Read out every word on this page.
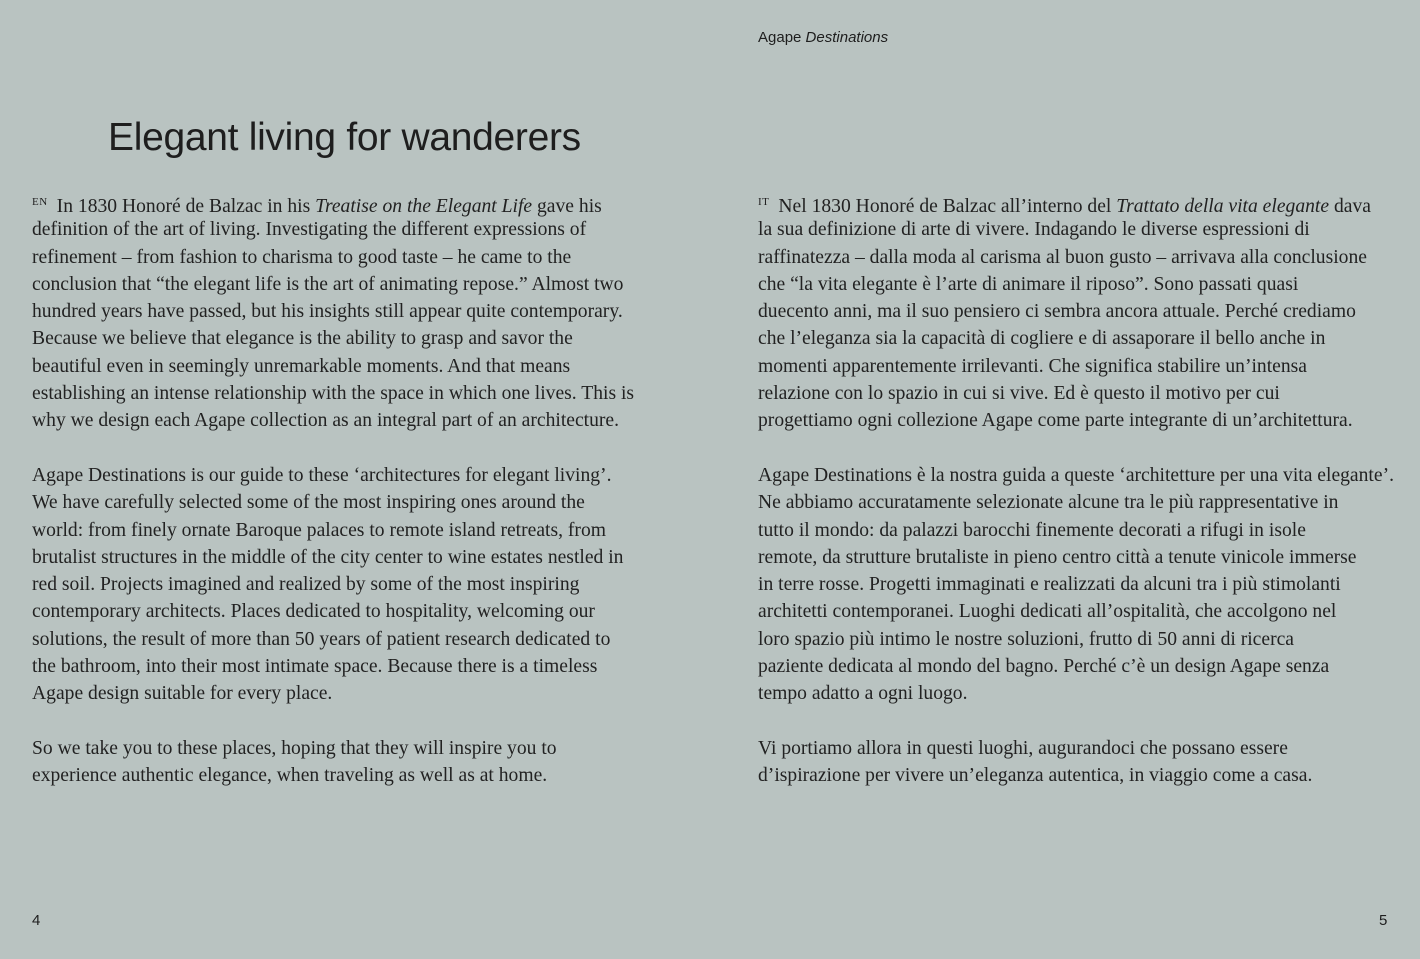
Agape Destinations
Elegant living for wanderers
$^{EN}$ In 1830 Honoré de Balzac in his Treatise on the Elegant Life gave his
definition of the art of living. Investigating the different expressions of
refinement – from fashion to charisma to good taste – he came to the
conclusion that “the elegant life is the art of animating repose.” Almost two
hundred years have passed, but his insights still appear quite contemporary.
Because we believe that elegance is the ability to grasp and savor the
beautiful even in seemingly unremarkable moments. And that means
establishing an intense relationship with the space in which one lives. This is
why we design each Agape collection as an integral part of an architecture.
Agape Destinations is our guide to these ‘architectures for elegant living’.
We have carefully selected some of the most inspiring ones around the
world: from finely ornate Baroque palaces to remote island retreats, from
brutalist structures in the middle of the city center to wine estates nestled in
red soil. Projects imagined and realized by some of the most inspiring
contemporary architects. Places dedicated to hospitality, welcoming our
solutions, the result of more than 50 years of patient research dedicated to
the bathroom, into their most intimate space. Because there is a timeless
Agape design suitable for every place.
So we take you to these places, hoping that they will inspire you to
experience authentic elegance, when traveling as well as at home.
$^{IT}$ Nel 1830 Honoré de Balzac all’interno del Trattato della vita elegante dava
la sua definizione di arte di vivere. Indagando le diverse espressioni di
raffinatezza – dalla moda al carisma al buon gusto – arrivava alla conclusione
che “la vita elegante è l’arte di animare il riposo”. Sono passati quasi
duecento anni, ma il suo pensiero ci sembra ancora attuale. Perché crediamo
che l’eleganza sia la capacità di cogliere e di assaporare il bello anche in
momenti apparentemente irrilevanti. Che significa stabilire un’intensa
relazione con lo spazio in cui si vive. Ed è questo il motivo per cui
progettiamo ogni collezione Agape come parte integrante di un’architettura.
Agape Destinations è la nostra guida a queste ‘architetture per una vita elegante’.
Ne abbiamo accuratamente selezionate alcune tra le più rappresentative in
tutto il mondo: da palazzi barocchi finemente decorati a rifugi in isole
remote, da strutture brutaliste in pieno centro città a tenute vinicole immerse
in terre rosse. Progetti immaginati e realizzati da alcuni tra i più stimolanti
architetti contemporanei. Luoghi dedicati all’ospitalità, che accolgono nel
loro spazio più intimo le nostre soluzioni, frutto di 50 anni di ricerca
paziente dedicata al mondo del bagno. Perché c’è un design Agape senza
tempo adatto a ogni luogo.
Vi portiamo allora in questi luoghi, augurandoci che possano essere
d’ispirazione per vivere un’eleganza autentica, in viaggio come a casa.
4	5
